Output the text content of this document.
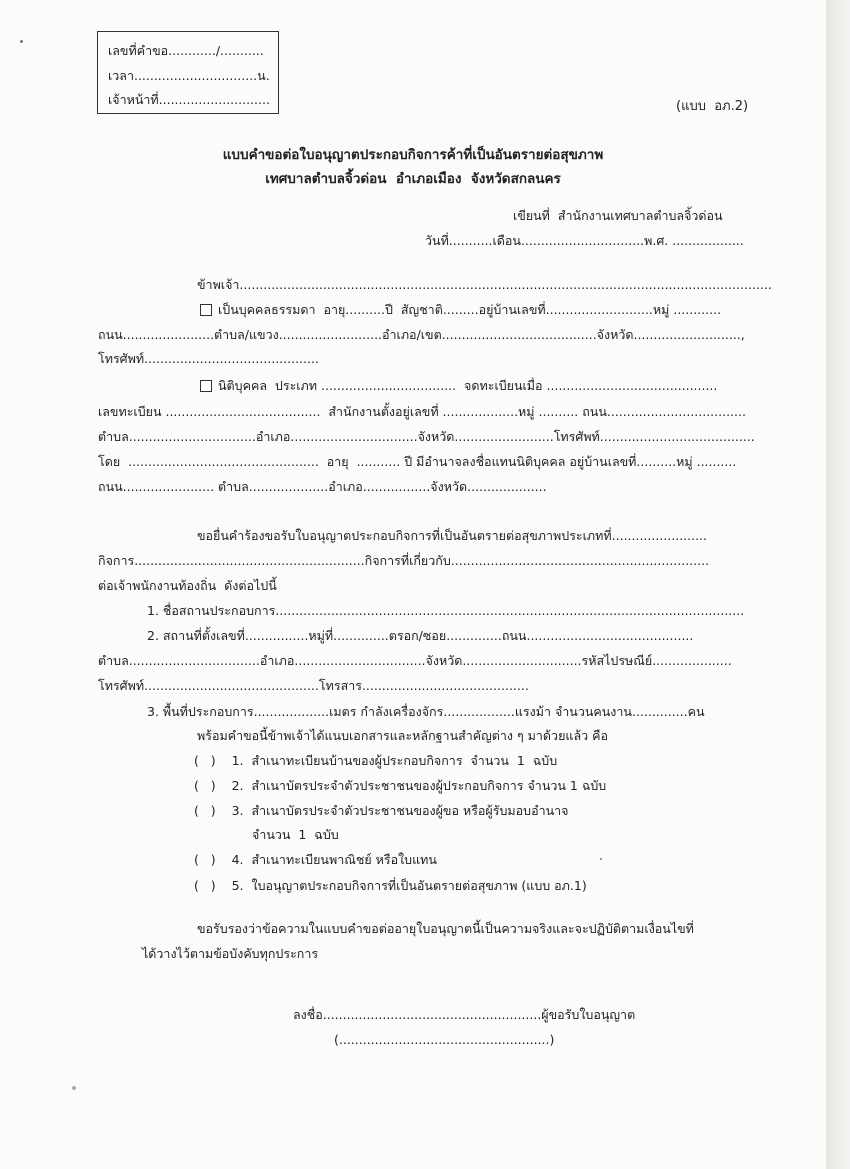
เลขที่คำขอ............/...........
เวลา...............................น.
เจ้าหน้าที่............................	(แบบ  อภ.2)
แบบคำขอต่อใบอนุญาตประกอบกิจการค้าที่เป็นอันตรายต่อสุขภาพ
เทศบาลตำบลจิ้วด่อน  อำเภอเมือง  จังหวัดสกลนคร
เขียนที่  สำนักงานเทศบาลตำบลจิ้วด่อน
วันที่...........เดือน...............................พ.ศ. ..................
ข้าพเจ้า......................................................................................................................................
เป็นบุคคลธรรมดา  อายุ..........ปี  สัญชาติ.........อยู่บ้านเลขที่...........................หมู่ ............
ถนน.......................ตำบล/แขวง..........................อำเภอ/เขต.......................................จังหวัด...........................,
โทรศัพท์............................................
นิติบุคคล  ประเภท ..................................  จดทะเบียนเมื่อ ...........................................
เลขทะเบียน .......................................  สำนักงานตั้งอยู่เลขที่ ...................หมู่ .......... ถนน...................................
ตำบล................................อำเภอ................................จังหวัด.........................โทรศัพท์.......................................
โดย  ................................................  อายุ  ........... ปี มีอำนาจลงชื่อแทนนิติบุคคล อยู่บ้านเลขที่..........หมู่ ..........
ถนน....................... ตำบล....................อำเภอ.................จังหวัด....................
ขอยื่นคำร้องขอรับใบอนุญาตประกอบกิจการที่เป็นอันตรายต่อสุขภาพประเภทที่........................
กิจการ..........................................................กิจการที่เกี่ยวกับ.................................................................
ต่อเจ้าพนักงานท้องถิ่น  ดังต่อไปนี้
1. ชื่อสถานประกอบการ......................................................................................................................
2. สถานที่ตั้งเลขที่................หมู่ที่..............ตรอก/ซอย..............ถนน..........................................
ตำบล.................................อำเภอ.................................จังหวัด..............................รหัสไปรษณีย์....................
โทรศัพท์............................................โทรสาร..........................................
3. พื้นที่ประกอบการ...................เมตร กำลังเครื่องจักร..................แรงม้า จำนวนคนงาน..............คน
พร้อมคำขอนี้ข้าพเจ้าได้แนบเอกสารและหลักฐานสำคัญต่าง ๆ มาด้วยแล้ว คือ
(   ) 1.  สำเนาทะเบียนบ้านของผู้ประกอบกิจการ  จำนวน  1  ฉบับ
(   ) 2.  สำเนาบัตรประจำตัวประชาชนของผู้ประกอบกิจการ จำนวน 1 ฉบับ
(   ) 3.  สำเนาบัตรประจำตัวประชาชนของผู้ขอ หรือผู้รับมอบอำนาจ
จำนวน  1  ฉบับ
(   ) 4.  สำเนาทะเบียนพาณิชย์ หรือใบแทน
(   ) 5.  ใบอนุญาตประกอบกิจการที่เป็นอันตรายต่อสุขภาพ (แบบ อภ.1)
ขอรับรองว่าข้อความในแบบคำขอต่ออายุใบอนุญาตนี้เป็นความจริงและจะปฏิบัติตามเงื่อนไขที่
ได้วางไว้ตามข้อบังคับทุกประการ
ลงชื่อ.......................................................ผู้ขอรับใบอนุญาต
(.....................................................)
